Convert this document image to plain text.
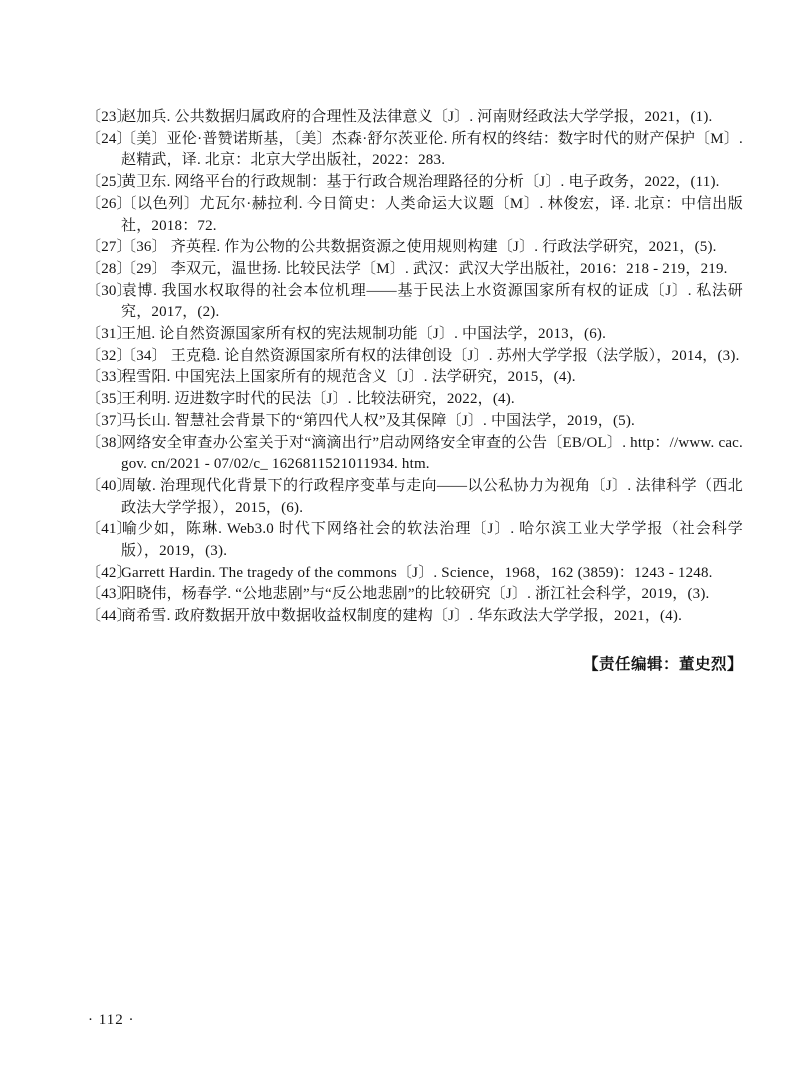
〔23〕赵加兵. 公共数据归属政府的合理性及法律意义〔J〕. 河南财经政法大学学报，2021，(1).
〔24〕〔美〕亚伦·普赞诺斯基，〔美〕杰森·舒尔茨亚伦. 所有权的终结：数字时代的财产保护〔M〕. 赵精武，译. 北京：北京大学出版社，2022：283.
〔25〕黄卫东. 网络平台的行政规制：基于行政合规治理路径的分析〔J〕. 电子政务，2022，(11).
〔26〕〔以色列〕尤瓦尔·赫拉利. 今日简史：人类命运大议题〔M〕. 林俊宏，译. 北京：中信出版社，2018：72.
〔27〕〔36〕 齐英程. 作为公物的公共数据资源之使用规则构建〔J〕. 行政法学研究，2021，(5).
〔28〕〔29〕 李双元，温世扬. 比较民法学〔M〕. 武汉：武汉大学出版社，2016：218 - 219，219.
〔30〕袁博. 我国水权取得的社会本位机理——基于民法上水资源国家所有权的证成〔J〕. 私法研究，2017，(2).
〔31〕王旭. 论自然资源国家所有权的宪法规制功能〔J〕. 中国法学，2013，(6).
〔32〕〔34〕 王克稳. 论自然资源国家所有权的法律创设〔J〕. 苏州大学学报（法学版），2014，(3).
〔33〕程雪阳. 中国宪法上国家所有的规范含义〔J〕. 法学研究，2015，(4).
〔35〕王利明. 迈进数字时代的民法〔J〕. 比较法研究，2022，(4).
〔37〕马长山. 智慧社会背景下的“第四代人权”及其保障〔J〕. 中国法学，2019，(5).
〔38〕网络安全审查办公室关于对“滴滴出行”启动网络安全审查的公告〔EB/OL〕. http：//www. cac. gov. cn/2021 - 07/02/c_ 1626811521011934. htm.
〔40〕周敏. 治理现代化背景下的行政程序变革与走向——以公私协力为视角〔J〕. 法律科学（西北政法大学学报），2015，(6).
〔41〕喻少如，陈琳. Web3.0 时代下网络社会的软法治理〔J〕. 哈尔滨工业大学学报（社会科学版），2019，(3).
〔42〕Garrett Hardin. The tragedy of the commons〔J〕. Science，1968，162 (3859)：1243 - 1248.
〔43〕阳晓伟，杨春学. “公地悲剧”与“反公地悲剧”的比较研究〔J〕. 浙江社会科学，2019，(3).
〔44〕商希雪. 政府数据开放中数据收益权制度的建构〔J〕. 华东政法大学学报，2021，(4).
【责任编辑：董史烈】
· 112 ·
